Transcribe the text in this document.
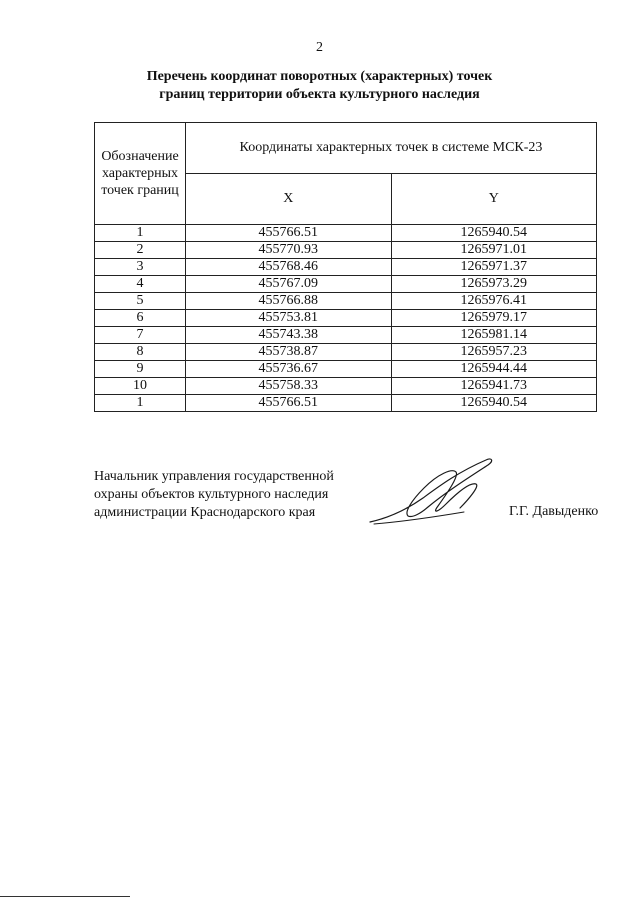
2
Перечень координат поворотных (характерных) точек
границ территории объекта культурного наследия
Обозначение
характерных
точек границ	Координаты характерных точек в системе МСК-23	
	X	Y
1	455766.51	1265940.54
2	455770.93	1265971.01
3	455768.46	1265971.37
4	455767.09	1265973.29
5	455766.88	1265976.41
6	455753.81	1265979.17
7	455743.38	1265981.14
8	455738.87	1265957.23
9	455736.67	1265944.44
10	455758.33	1265941.73
1	455766.51	1265940.54
Начальник управления государственной
охраны объектов культурного наследия
администрации Краснодарского края	Г.Г. Давыденко
